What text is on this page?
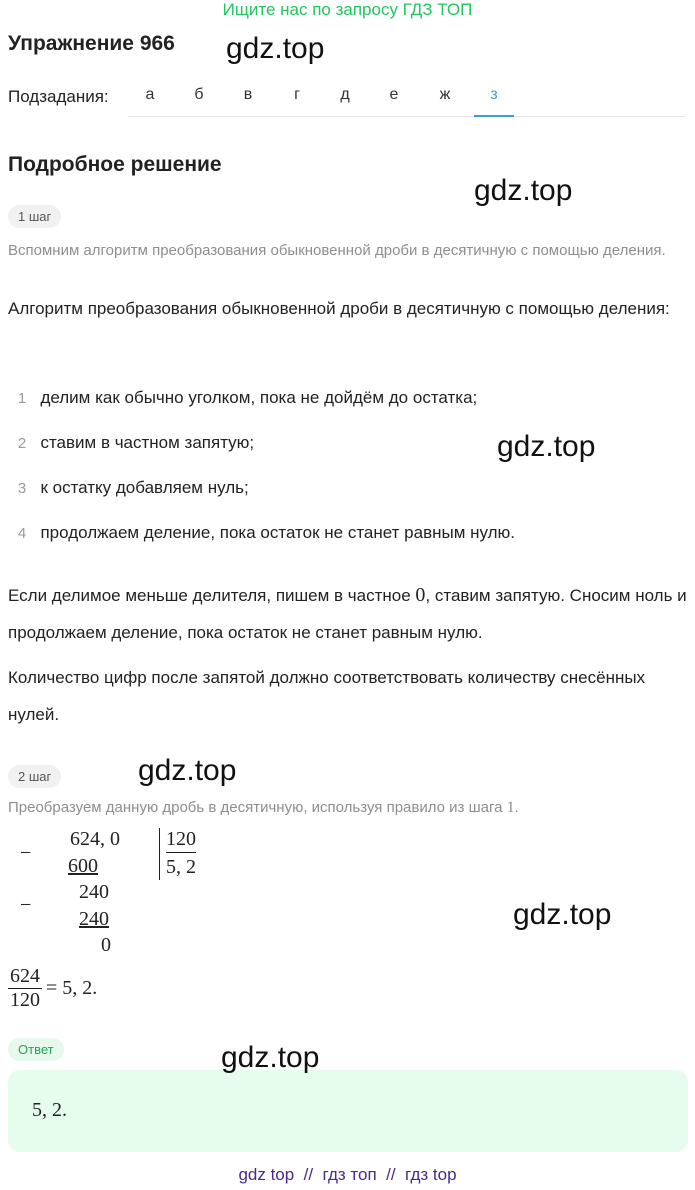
Ищите нас по запросу ГДЗ ТОП
Упражнение 966 gdz.top
Подзадания:	а	б	в	г	д	е	ж	з
Подробное решение
gdz.top
1 шаг
Вспомним алгоритм преобразования обыкновенной дроби в десятичную с помощью деления.
Алгоритм преобразования обыкновенной дроби в десятичную с помощью деления:
1 делим как обычно уголком, пока не дойдём до остатка;
2 ставим в частном запятую;
3 к остатку добавляем нуль;
4 продолжаем деление, пока остаток не станет равным нулю.
gdz.top
Если делимое меньше делителя, пишем в частное 0, ставим запятую. Сносим ноль и продолжаем деление, пока остаток не станет равным нулю.
Количество цифр после запятой должно соответствовать количеству снесённых нулей.
2 шаг	gdz.top
Преобразуем данную дробь в десятичную, используя правило из шага 1.
−
624, 0
600
120
5, 2
−
240
240
0
gdz.top
$\frac{624}{120} = 5$, 2.
Ответ
5, 2.
gdz.top
gdz top  //  гдз топ  //  гдз top
